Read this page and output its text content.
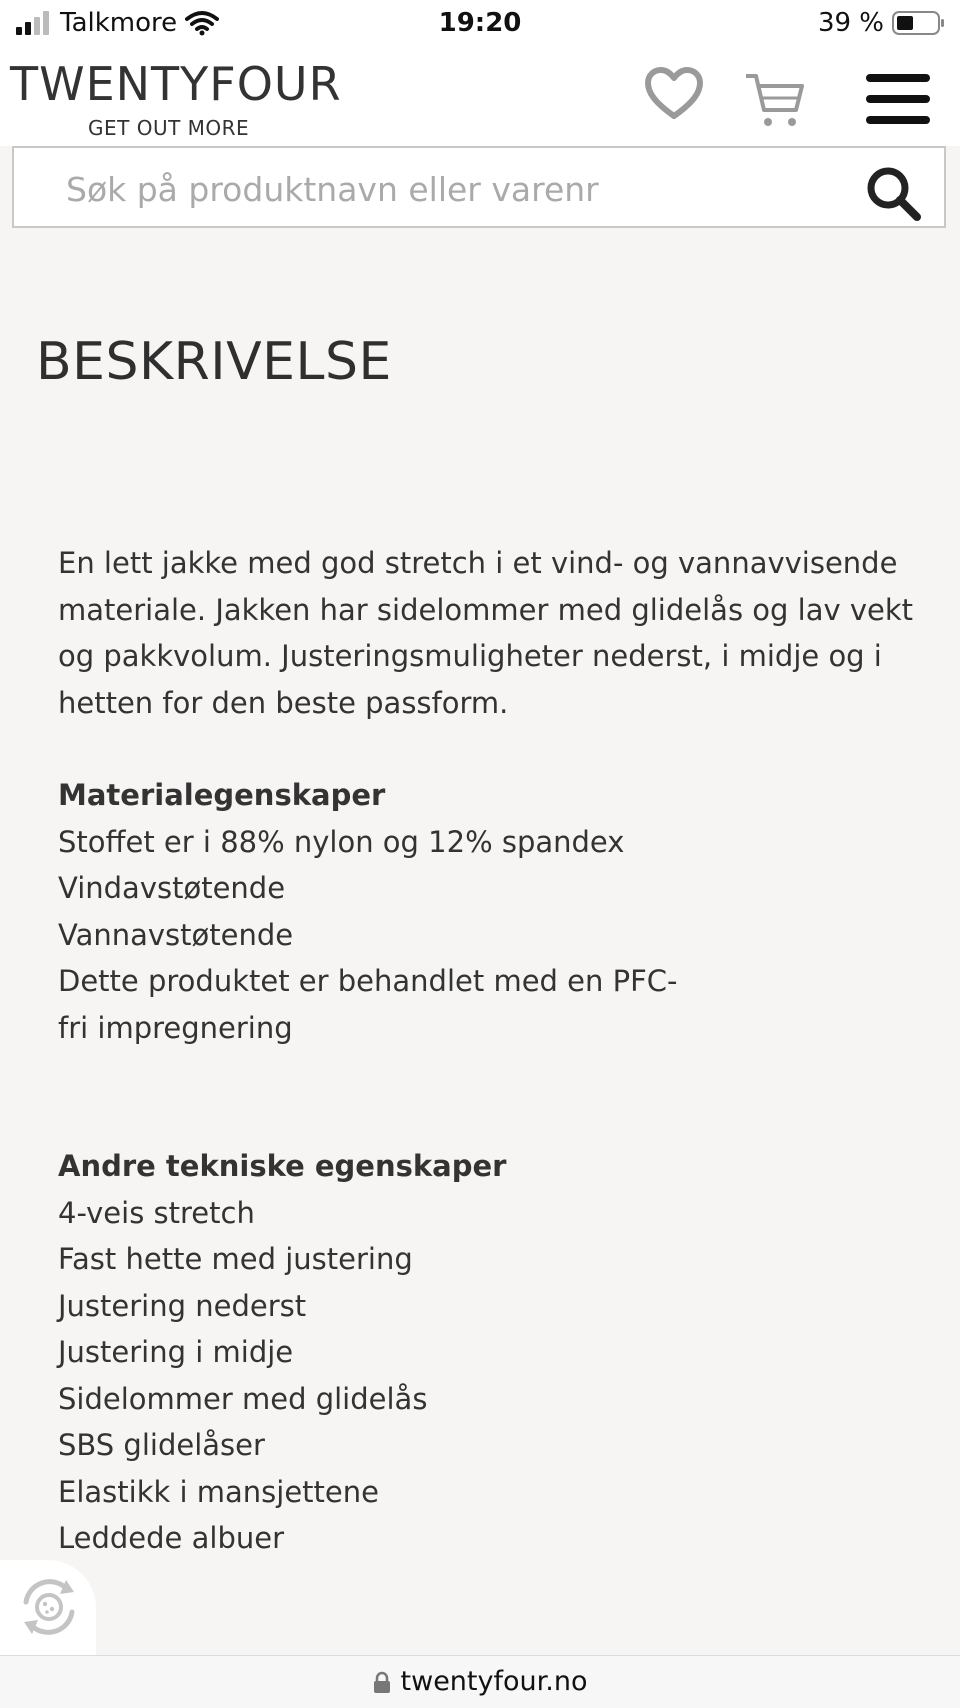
Talkmore	19:20	39 %
TWENTYFOUR
GET OUT MORE
Søk på produktnavn eller varenr
BESKRIVELSE

En lett jakke med god stretch i et vind- og vannavvisende materiale. Jakken har sidelommer med glidelås og lav vekt og pakkvolum. Justeringsmuligheter nederst, i midje og i hetten for den beste passform.

Materialegenskaper

Stoffet er i 88% nylon og 12% spandex

Vindavstøtende

Vannavstøtende

Dette produktet er behandlet med en PFC-fri impregnering

Andre tekniske egenskaper

4-veis stretch

Fast hette med justering

Justering nederst

Justering i midje

Sidelommer med glidelås

SBS glidelåser

Elastikk i mansjettene

Leddede albuer

twentyfour.no
